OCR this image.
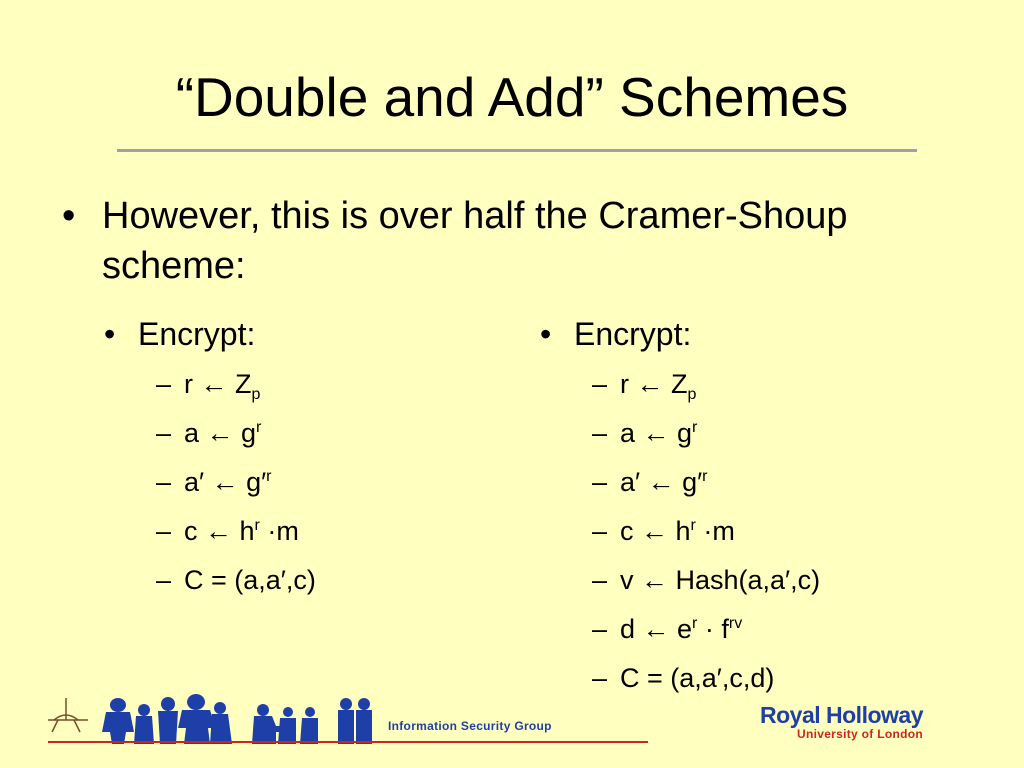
“Double and Add” Schemes
• However, this is over half the Cramer-Shoup scheme:
• Encrypt:
– r ← $Z_p$
– a ← $g^r$
– a′ ← $g'^r$
– c ← $h^r \cdot m$
– C = (a,a′,c)
• Encrypt:
– r ← $Z_p$
– a ← $g^r$
– a′ ← $g'^r$
– c ← $h^r \cdot m$
– v ← Hash(a,a′,c)
– d ← $e^r \cdot f^{rv}$
– C = (a,a′,c,d)
Information Security Group	Royal Holloway
University of London
